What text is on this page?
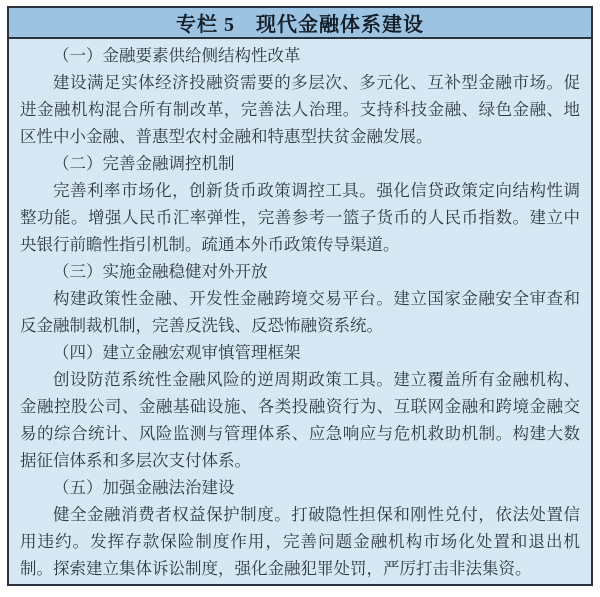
专栏 5　现代金融体系建设

（一）金融要素供给侧结构性改革

建设满足实体经济投融资需要的多层次、多元化、互补型金融市场。促进金融机构混合所有制改革，完善法人治理。支持科技金融、绿色金融、地区性中小金融、普惠型农村金融和特惠型扶贫金融发展。

（二）完善金融调控机制

完善利率市场化，创新货币政策调控工具。强化信贷政策定向结构性调整功能。增强人民币汇率弹性，完善参考一篮子货币的人民币指数。建立中央银行前瞻性指引机制。疏通本外币政策传导渠道。

（三）实施金融稳健对外开放

构建政策性金融、开发性金融跨境交易平台。建立国家金融安全审查和反金融制裁机制，完善反洗钱、反恐怖融资系统。

（四）建立金融宏观审慎管理框架

创设防范系统性金融风险的逆周期政策工具。建立覆盖所有金融机构、金融控股公司、金融基础设施、各类投融资行为、互联网金融和跨境金融交易的综合统计、风险监测与管理体系、应急响应与危机救助机制。构建大数据征信体系和多层次支付体系。

（五）加强金融法治建设

健全金融消费者权益保护制度。打破隐性担保和刚性兑付，依法处置信用违约。发挥存款保险制度作用，完善问题金融机构市场化处置和退出机制。探索建立集体诉讼制度，强化金融犯罪处罚，严厉打击非法集资。
